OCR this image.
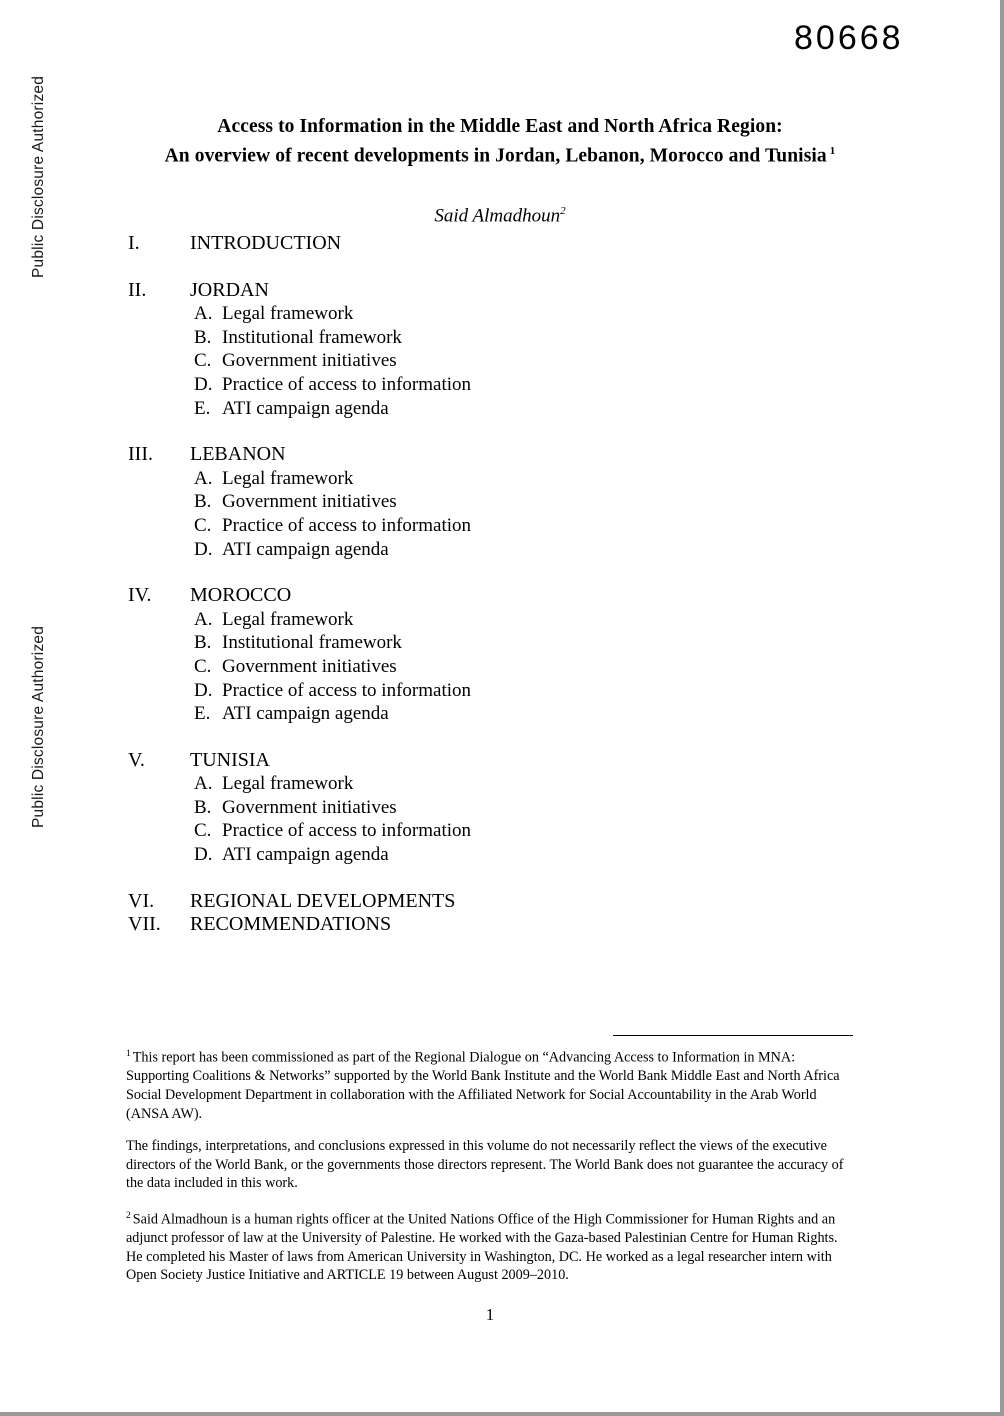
Public Disclosure Authorized
Public Disclosure Authorized
80668
Access to Information in the Middle East and North Africa Region:
An overview of recent developments in Jordan, Lebanon, Morocco and Tunisia $^1$
Said Almadhoun$^2$
I.	INTRODUCTION
II.	JORDAN
A. Legal framework
B. Institutional framework
C. Government initiatives
D. Practice of access to information
E. ATI campaign agenda
III.	LEBANON
A. Legal framework
B. Government initiatives
C. Practice of access to information
D. ATI campaign agenda
IV.	MOROCCO
A. Legal framework
B. Institutional framework
C. Government initiatives
D. Practice of access to information
E. ATI campaign agenda
V.	TUNISIA
A. Legal framework
B. Government initiatives
C. Practice of access to information
D. ATI campaign agenda
VI.	REGIONAL DEVELOPMENTS
VII.	RECOMMENDATIONS

$^1$ This report has been commissioned as part of the Regional Dialogue on “Advancing Access to Information in MNA: Supporting Coalitions & Networks” supported by the World Bank Institute and the World Bank Middle East and North Africa Social Development Department in collaboration with the Affiliated Network for Social Accountability in the Arab World (ANSA AW).

The findings, interpretations, and conclusions expressed in this volume do not necessarily reflect the views of the executive directors of the World Bank, or the governments those directors represent. The World Bank does not guarantee the accuracy of the data included in this work.

$^2$ Said Almadhoun is a human rights officer at the United Nations Office of the High Commissioner for Human Rights and an adjunct professor of law at the University of Palestine. He worked with the Gaza-based Palestinian Centre for Human Rights. He completed his Master of laws from American University in Washington, DC. He worked as a legal researcher intern with Open Society Justice Initiative and ARTICLE 19 between August 2009–2010.

1
